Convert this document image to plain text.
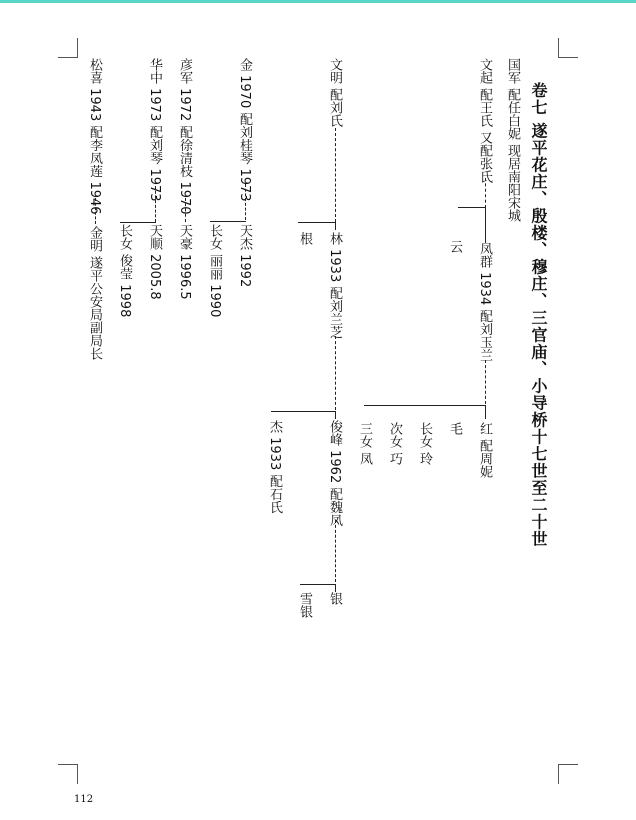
卷七 遂平花庄、殷楼、穆庄、三官庙、小导桥十七世至二十世
国军 配任白妮 现居南阳宋城
文起 配王氏 又配张氏
凤群 1934 配刘玉兰
云
红 配周妮
毛
长女 玲
次女 巧
三女 凤
文明 配刘氏
林 1933 配刘兰芝
根
俊峰 1962 配魏凤
杰 1933 配石氏
银
雪银
金 1970 配刘桂琴 1973
天杰 1992
长女 丽丽 1990
彦军 1972 配徐清枝 1970
天豪 1996.5
华中 1973 配刘琴 1973
天顺 2005.8
长女 俊莹 1998
松喜 1943 配李凤莲 1946
金明 遂平公安局副局长
112
